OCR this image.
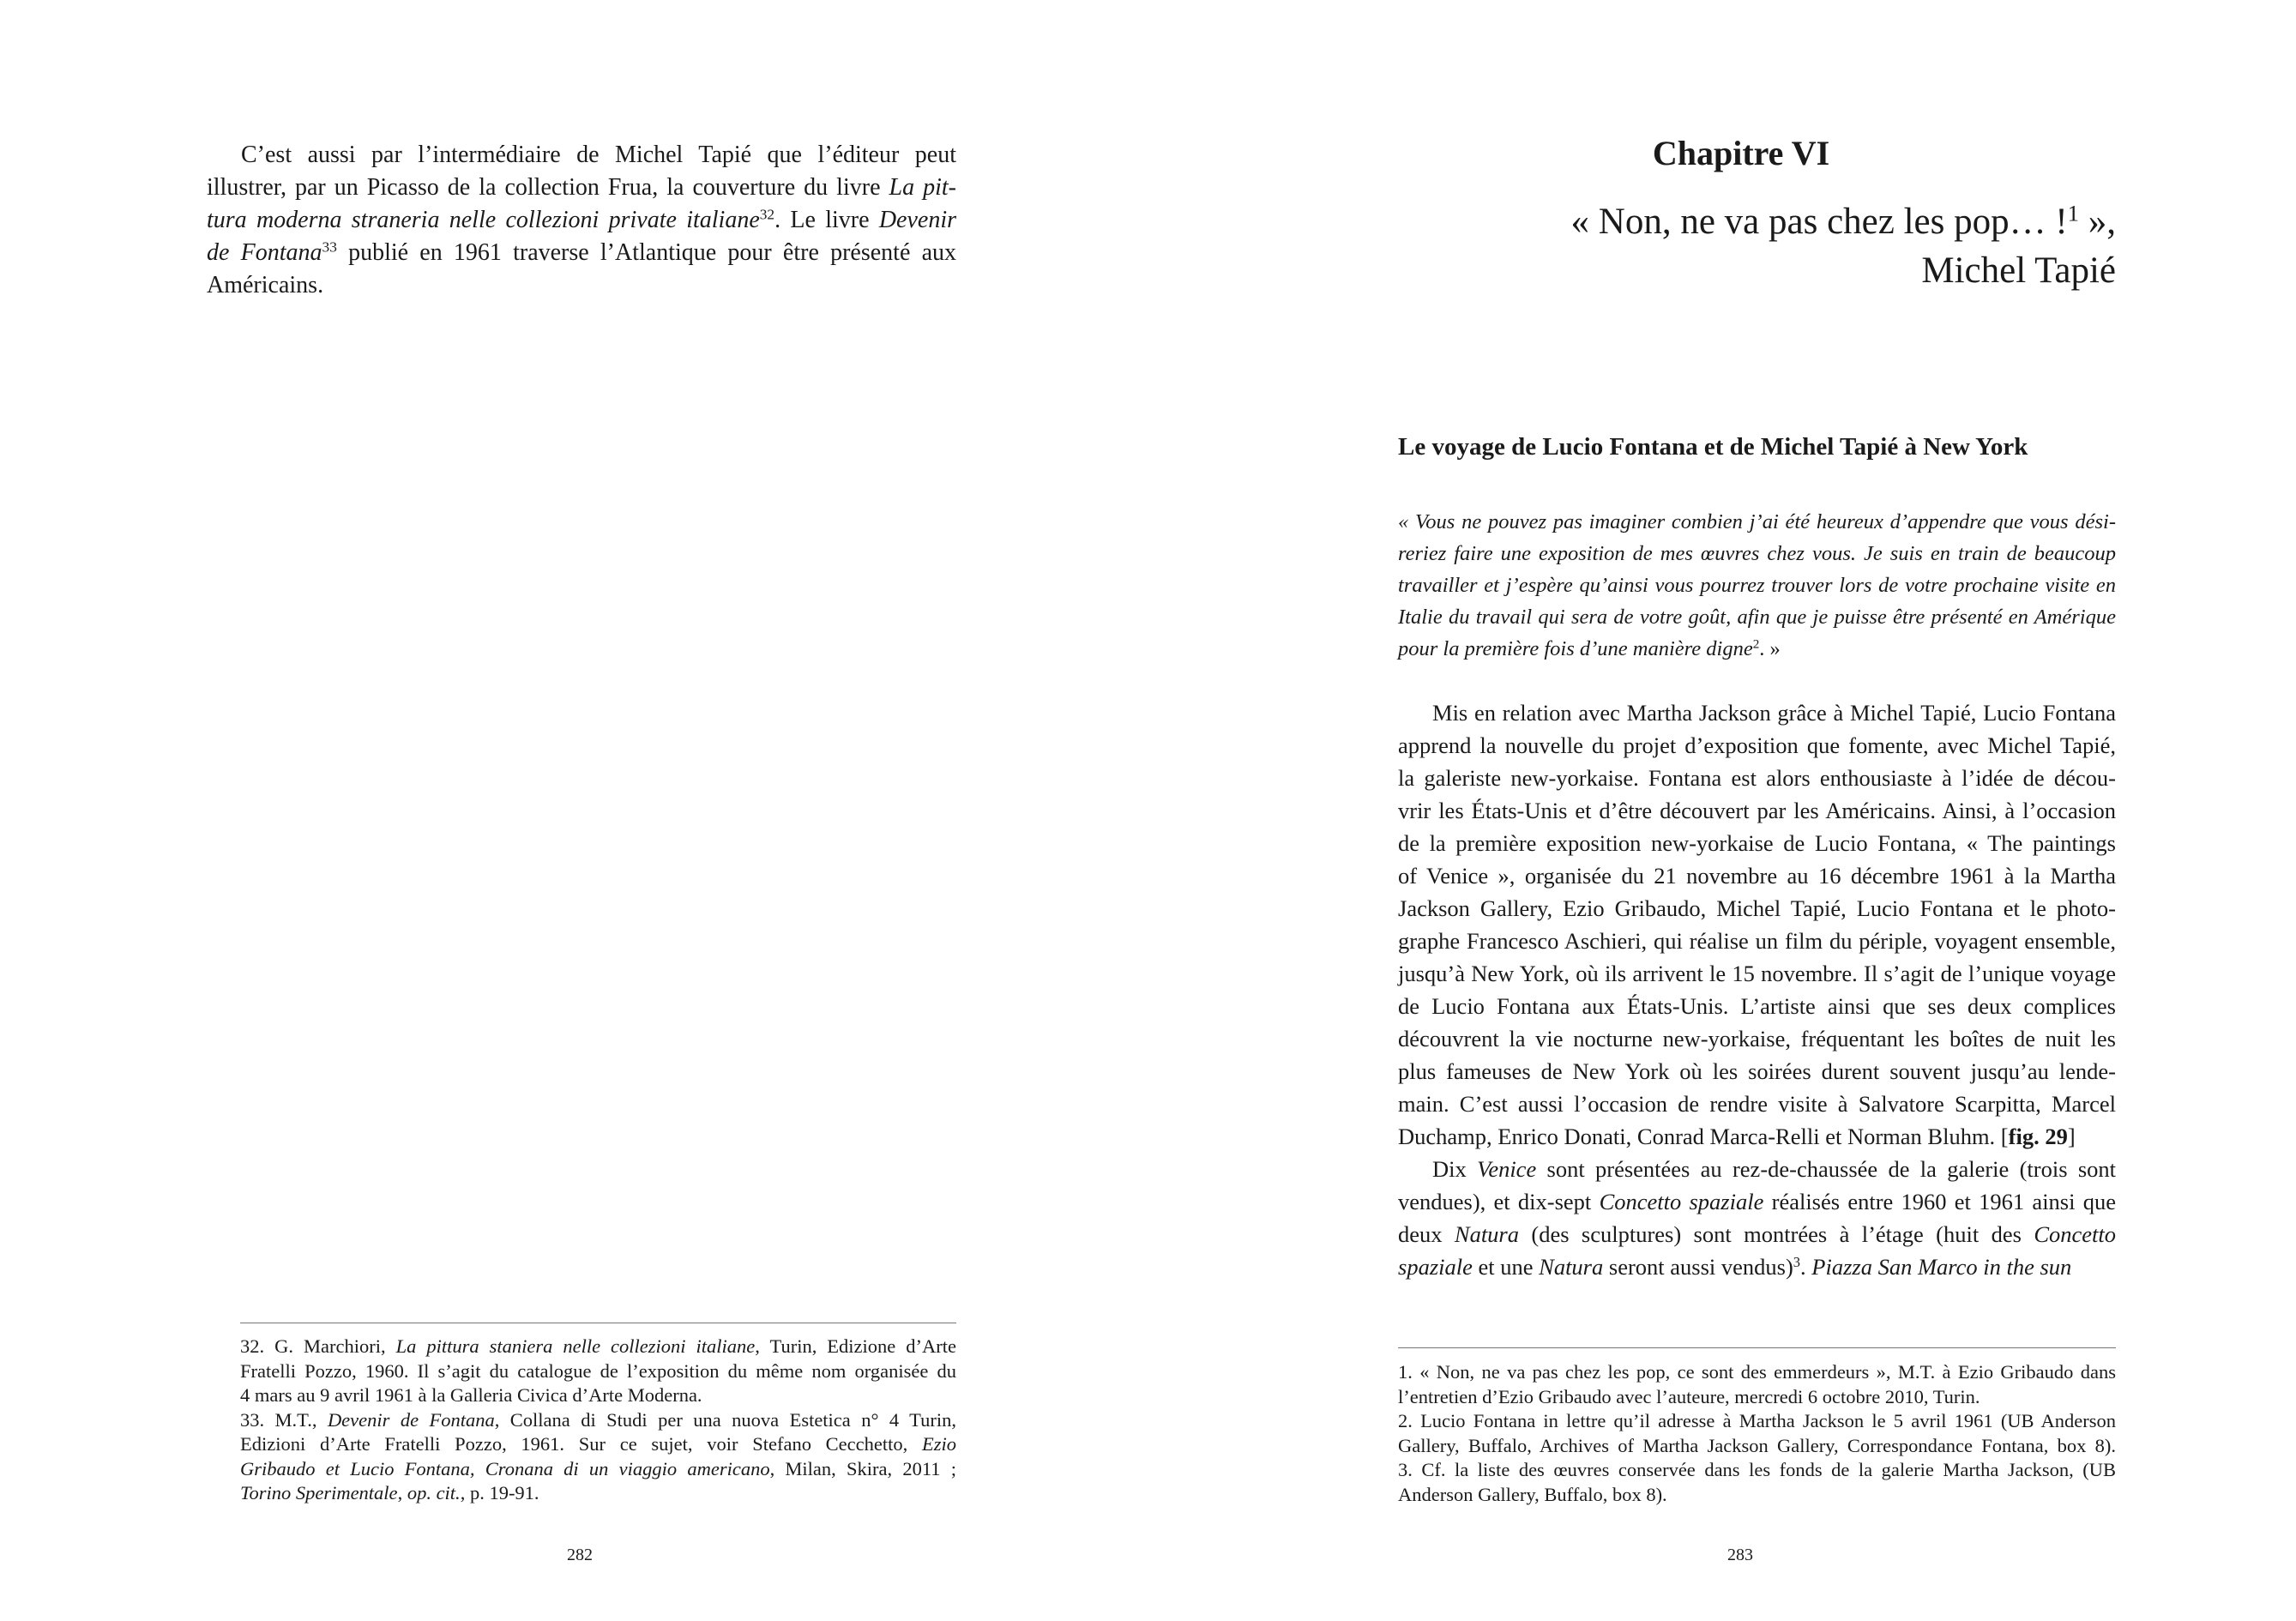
C’est aussi par l’intermédiaire de Michel Tapié que l’éditeur peut
illustrer, par un Picasso de la collection Frua, la couverture du livre La pit-
tura moderna straneria nelle collezioni private italiane$^{32}$. Le livre Devenir
de Fontana$^{33}$ publié en 1961 traverse l’Atlantique pour être présenté aux
Américains.
32. G. Marchiori, La pittura staniera nelle collezioni italiane, Turin, Edizione d’Arte
Fratelli Pozzo, 1960. Il s’agit du catalogue de l’exposition du même nom organisée du
4 mars au 9 avril 1961 à la Galleria Civica d’Arte Moderna.
33. M.T., Devenir de Fontana, Collana di Studi per una nuova Estetica n° 4 Turin,
Edizioni d’Arte Fratelli Pozzo, 1961. Sur ce sujet, voir Stefano Cecchetto, Ezio
Gribaudo et Lucio Fontana, Cronana di un viaggio americano, Milan, Skira, 2011 ;
Torino Sperimentale, op. cit., p. 19-91.
282
Chapitre VI
« Non, ne va pas chez les pop… !$^1$ »,
Michel Tapié
Le voyage de Lucio Fontana et de Michel Tapié à New York
« Vous ne pouvez pas imaginer combien j’ai été heureux d’appendre que vous dési-
reriez faire une exposition de mes œuvres chez vous. Je suis en train de beaucoup
travailler et j’espère qu’ainsi vous pourrez trouver lors de votre prochaine visite en
Italie du travail qui sera de votre goût, afin que je puisse être présenté en Amérique
pour la première fois d’une manière digne$^2$. »
Mis en relation avec Martha Jackson grâce à Michel Tapié, Lucio Fontana
apprend la nouvelle du projet d’exposition que fomente, avec Michel Tapié,
la galeriste new-yorkaise. Fontana est alors enthousiaste à l’idée de décou-
vrir les États-Unis et d’être découvert par les Américains. Ainsi, à l’occasion
de la première exposition new-yorkaise de Lucio Fontana, « The paintings
of Venice », organisée du 21 novembre au 16 décembre 1961 à la Martha
Jackson Gallery, Ezio Gribaudo, Michel Tapié, Lucio Fontana et le photo-
graphe Francesco Aschieri, qui réalise un film du périple, voyagent ensemble,
jusqu’à New York, où ils arrivent le 15 novembre. Il s’agit de l’unique voyage
de Lucio Fontana aux États-Unis. L’artiste ainsi que ses deux complices
découvrent la vie nocturne new-yorkaise, fréquentant les boîtes de nuit les
plus fameuses de New York où les soirées durent souvent jusqu’au lende-
main. C’est aussi l’occasion de rendre visite à Salvatore Scarpitta, Marcel
Duchamp, Enrico Donati, Conrad Marca-Relli et Norman Bluhm. [fig. 29]
Dix Venice sont présentées au rez-de-chaussée de la galerie (trois sont
vendues), et dix-sept Concetto spaziale réalisés entre 1960 et 1961 ainsi que
deux Natura (des sculptures) sont montrées à l’étage (huit des Concetto
spaziale et une Natura seront aussi vendus)$^3$. Piazza San Marco in the sun
1. « Non, ne va pas chez les pop, ce sont des emmerdeurs », M.T. à Ezio Gribaudo dans
l’entretien d’Ezio Gribaudo avec l’auteure, mercredi 6 octobre 2010, Turin.
2. Lucio Fontana in lettre qu’il adresse à Martha Jackson le 5 avril 1961 (UB Anderson
Gallery, Buffalo, Archives of Martha Jackson Gallery, Correspondance Fontana, box 8).
3. Cf. la liste des œuvres conservée dans les fonds de la galerie Martha Jackson, (UB
Anderson Gallery, Buffalo, box 8).
283
